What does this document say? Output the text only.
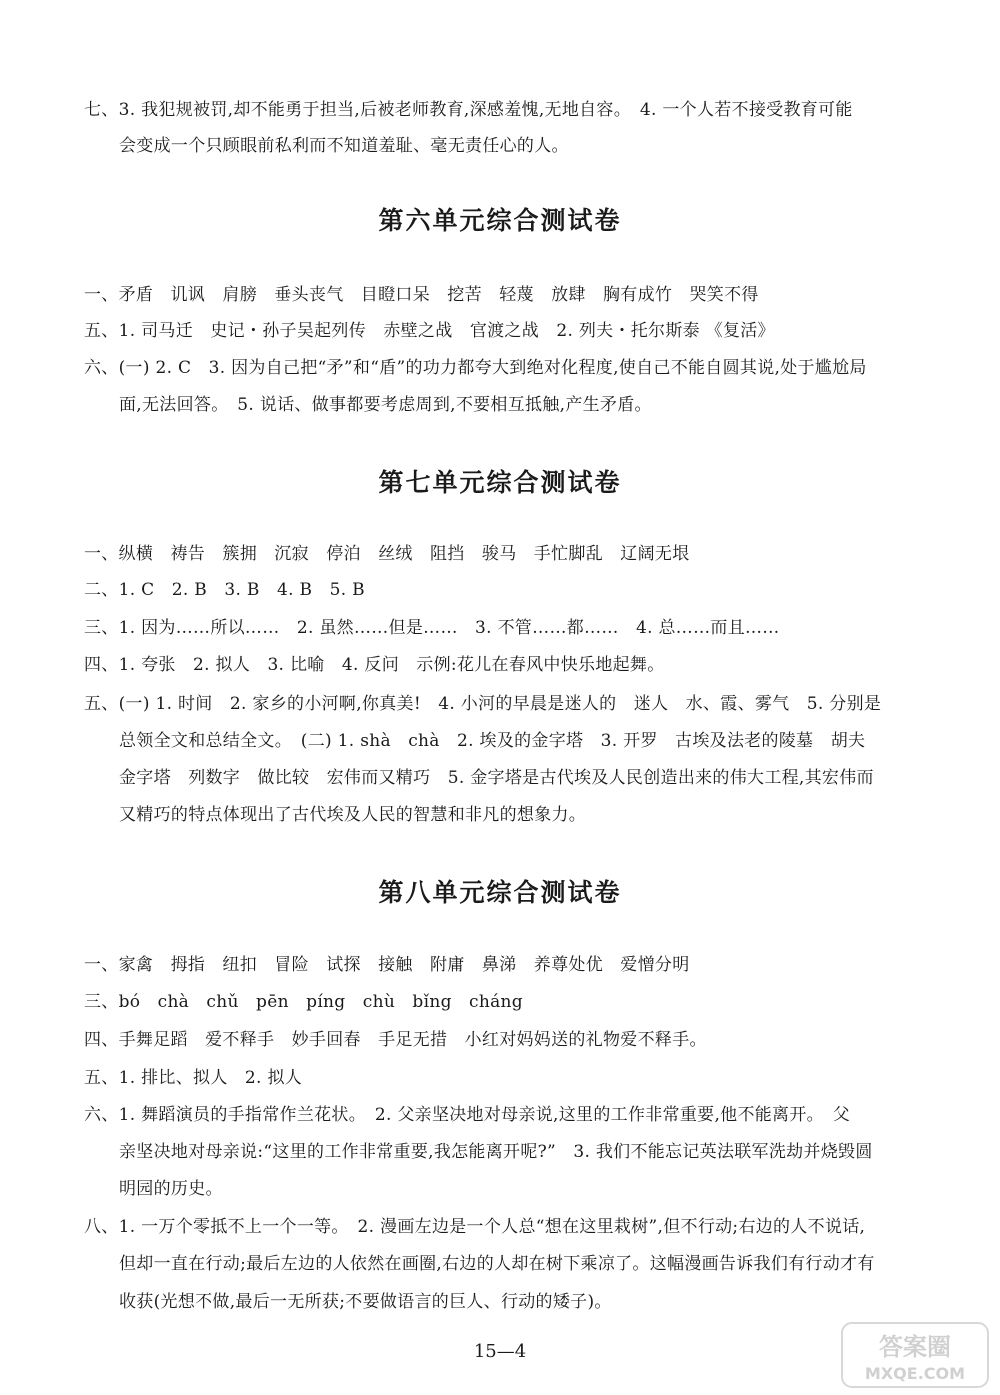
七、3. 我犯规被罚,却不能勇于担当,后被老师教育,深感羞愧,无地自容。　4. 一个人若不接受教育可能
会变成一个只顾眼前私利而不知道羞耻、毫无责任心的人。
第六单元综合测试卷
一、矛盾　讥讽　肩膀　垂头丧气　目瞪口呆　挖苦　轻蔑　放肆　胸有成竹　哭笑不得
五、1. 司马迁　史记・孙子吴起列传　赤壁之战　官渡之战　2. 列夫・托尔斯泰 《复活》
六、(一) 2. C　3. 因为自己把“矛”和“盾”的功力都夸大到绝对化程度,使自己不能自圆其说,处于尴尬局
面,无法回答。　5. 说话、做事都要考虑周到,不要相互抵触,产生矛盾。
第七单元综合测试卷
一、纵横　祷告　簇拥　沉寂　停泊　丝绒　阻挡　骏马　手忙脚乱　辽阔无垠
二、1. C　2. B　3. B　4. B　5. B
三、1. 因为……所以……　2. 虽然……但是……　3. 不管……都……　4. 总……而且……
四、1. 夸张　2. 拟人　3. 比喻　4. 反问　示例:花儿在春风中快乐地起舞。
五、(一) 1. 时间　2. 家乡的小河啊,你真美!　4. 小河的早晨是迷人的　迷人　水、霞、雾气　5. 分别是
总领全文和总结全文。　(二) 1. shà　chà　2. 埃及的金字塔　3. 开罗　古埃及法老的陵墓　胡夫
金字塔　列数字　做比较　宏伟而又精巧　5. 金字塔是古代埃及人民创造出来的伟大工程,其宏伟而
又精巧的特点体现出了古代埃及人民的智慧和非凡的想象力。
第八单元综合测试卷
一、家禽　拇指　纽扣　冒险　试探　接触　附庸　鼻涕　养尊处优　爱憎分明
三、bó　chà　chǔ　pēn　píng　chù　bǐng　cháng
四、手舞足蹈　爱不释手　妙手回春　手足无措　小红对妈妈送的礼物爱不释手。
五、1. 排比、拟人　2. 拟人
六、1. 舞蹈演员的手指常作兰花状。　2. 父亲坚决地对母亲说,这里的工作非常重要,他不能离开。　父
亲坚决地对母亲说:“这里的工作非常重要,我怎能离开呢?”　3. 我们不能忘记英法联军洗劫并烧毁圆
明园的历史。
八、1. 一万个零抵不上一个一等。　2. 漫画左边是一个人总“想在这里栽树”,但不行动;右边的人不说话,
但却一直在行动;最后左边的人依然在画圈,右边的人却在树下乘凉了。这幅漫画告诉我们有行动才有
收获(光想不做,最后一无所获;不要做语言的巨人、行动的矮子)。
15—4	答案圈
MXQE.COM
